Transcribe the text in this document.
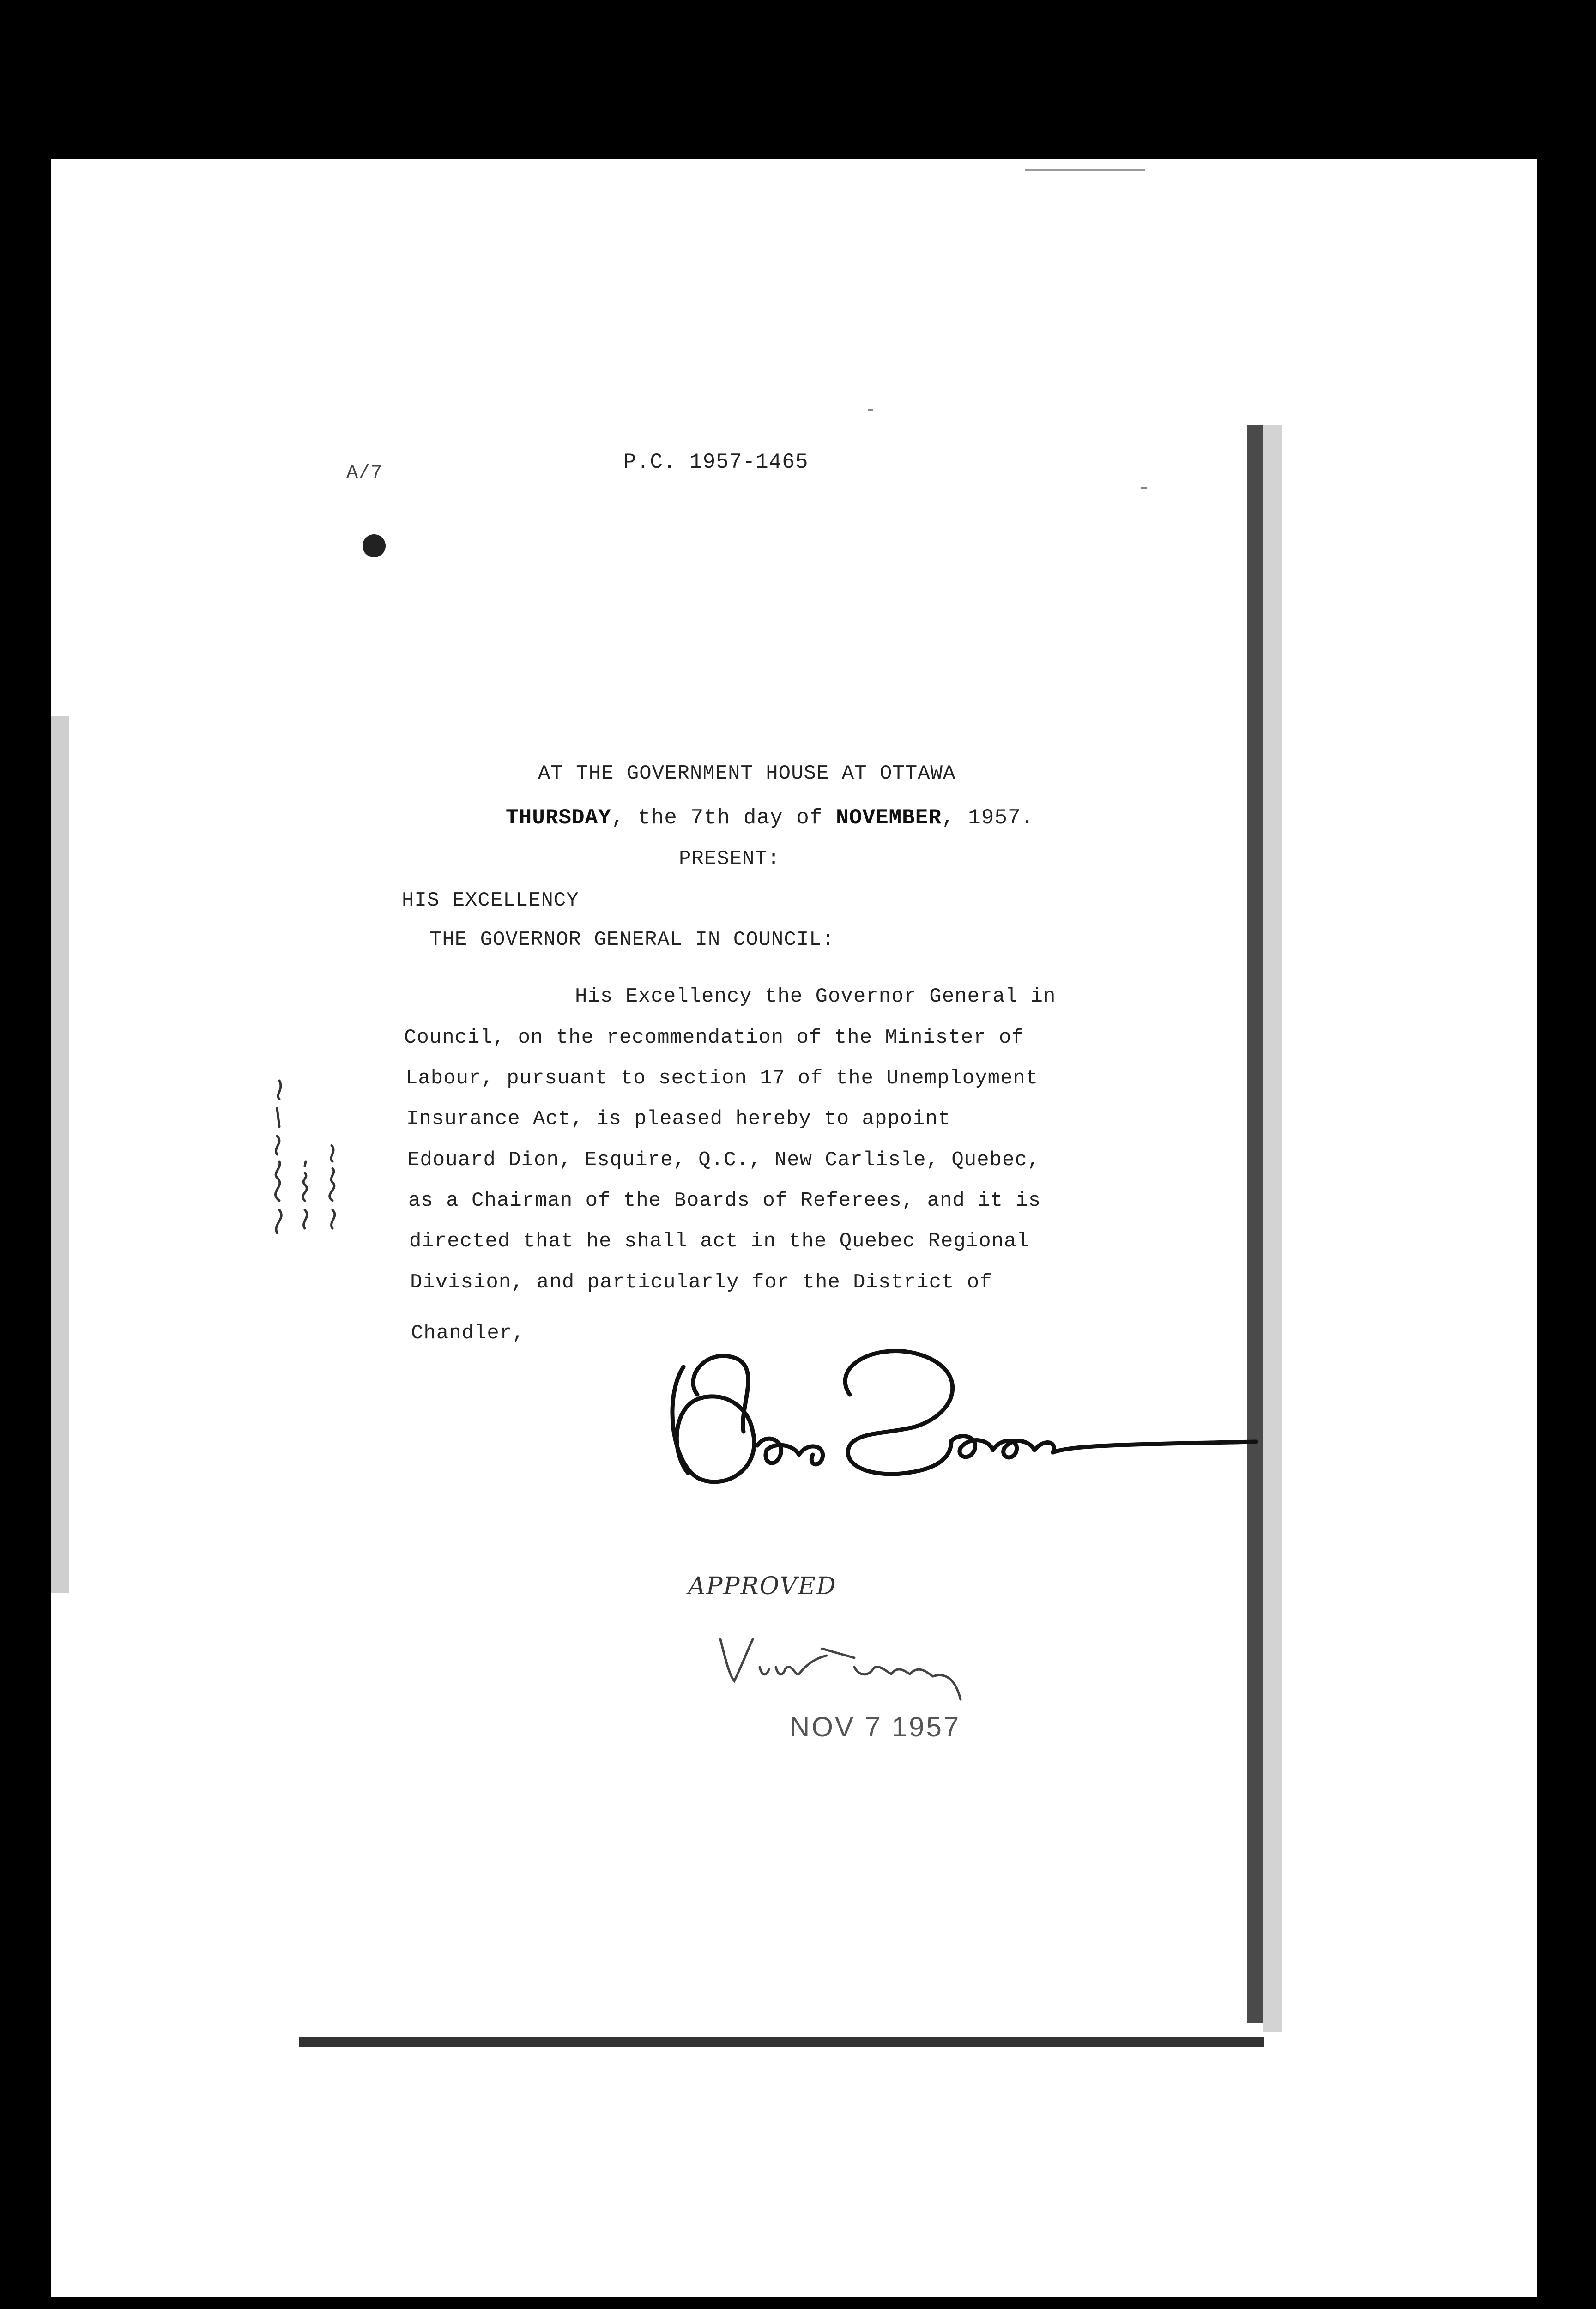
A/7	P.C. 1957-1465
AT THE GOVERNMENT HOUSE AT OTTAWA
THURSDAY, the 7th day of NOVEMBER, 1957.
PRESENT:
HIS EXCELLENCY
THE GOVERNOR GENERAL IN COUNCIL:
His Excellency the Governor General in
Council, on the recommendation of the Minister of
Labour, pursuant to section 17 of the Unemployment
Insurance Act, is pleased hereby to appoint
Edouard Dion, Esquire, Q.C., New Carlisle, Quebec,
as a Chairman of the Boards of Referees, and it is
directed that he shall act in the Quebec Regional
Division, and particularly for the District of
Chandler,
APPROVED
NOV 7 1957
